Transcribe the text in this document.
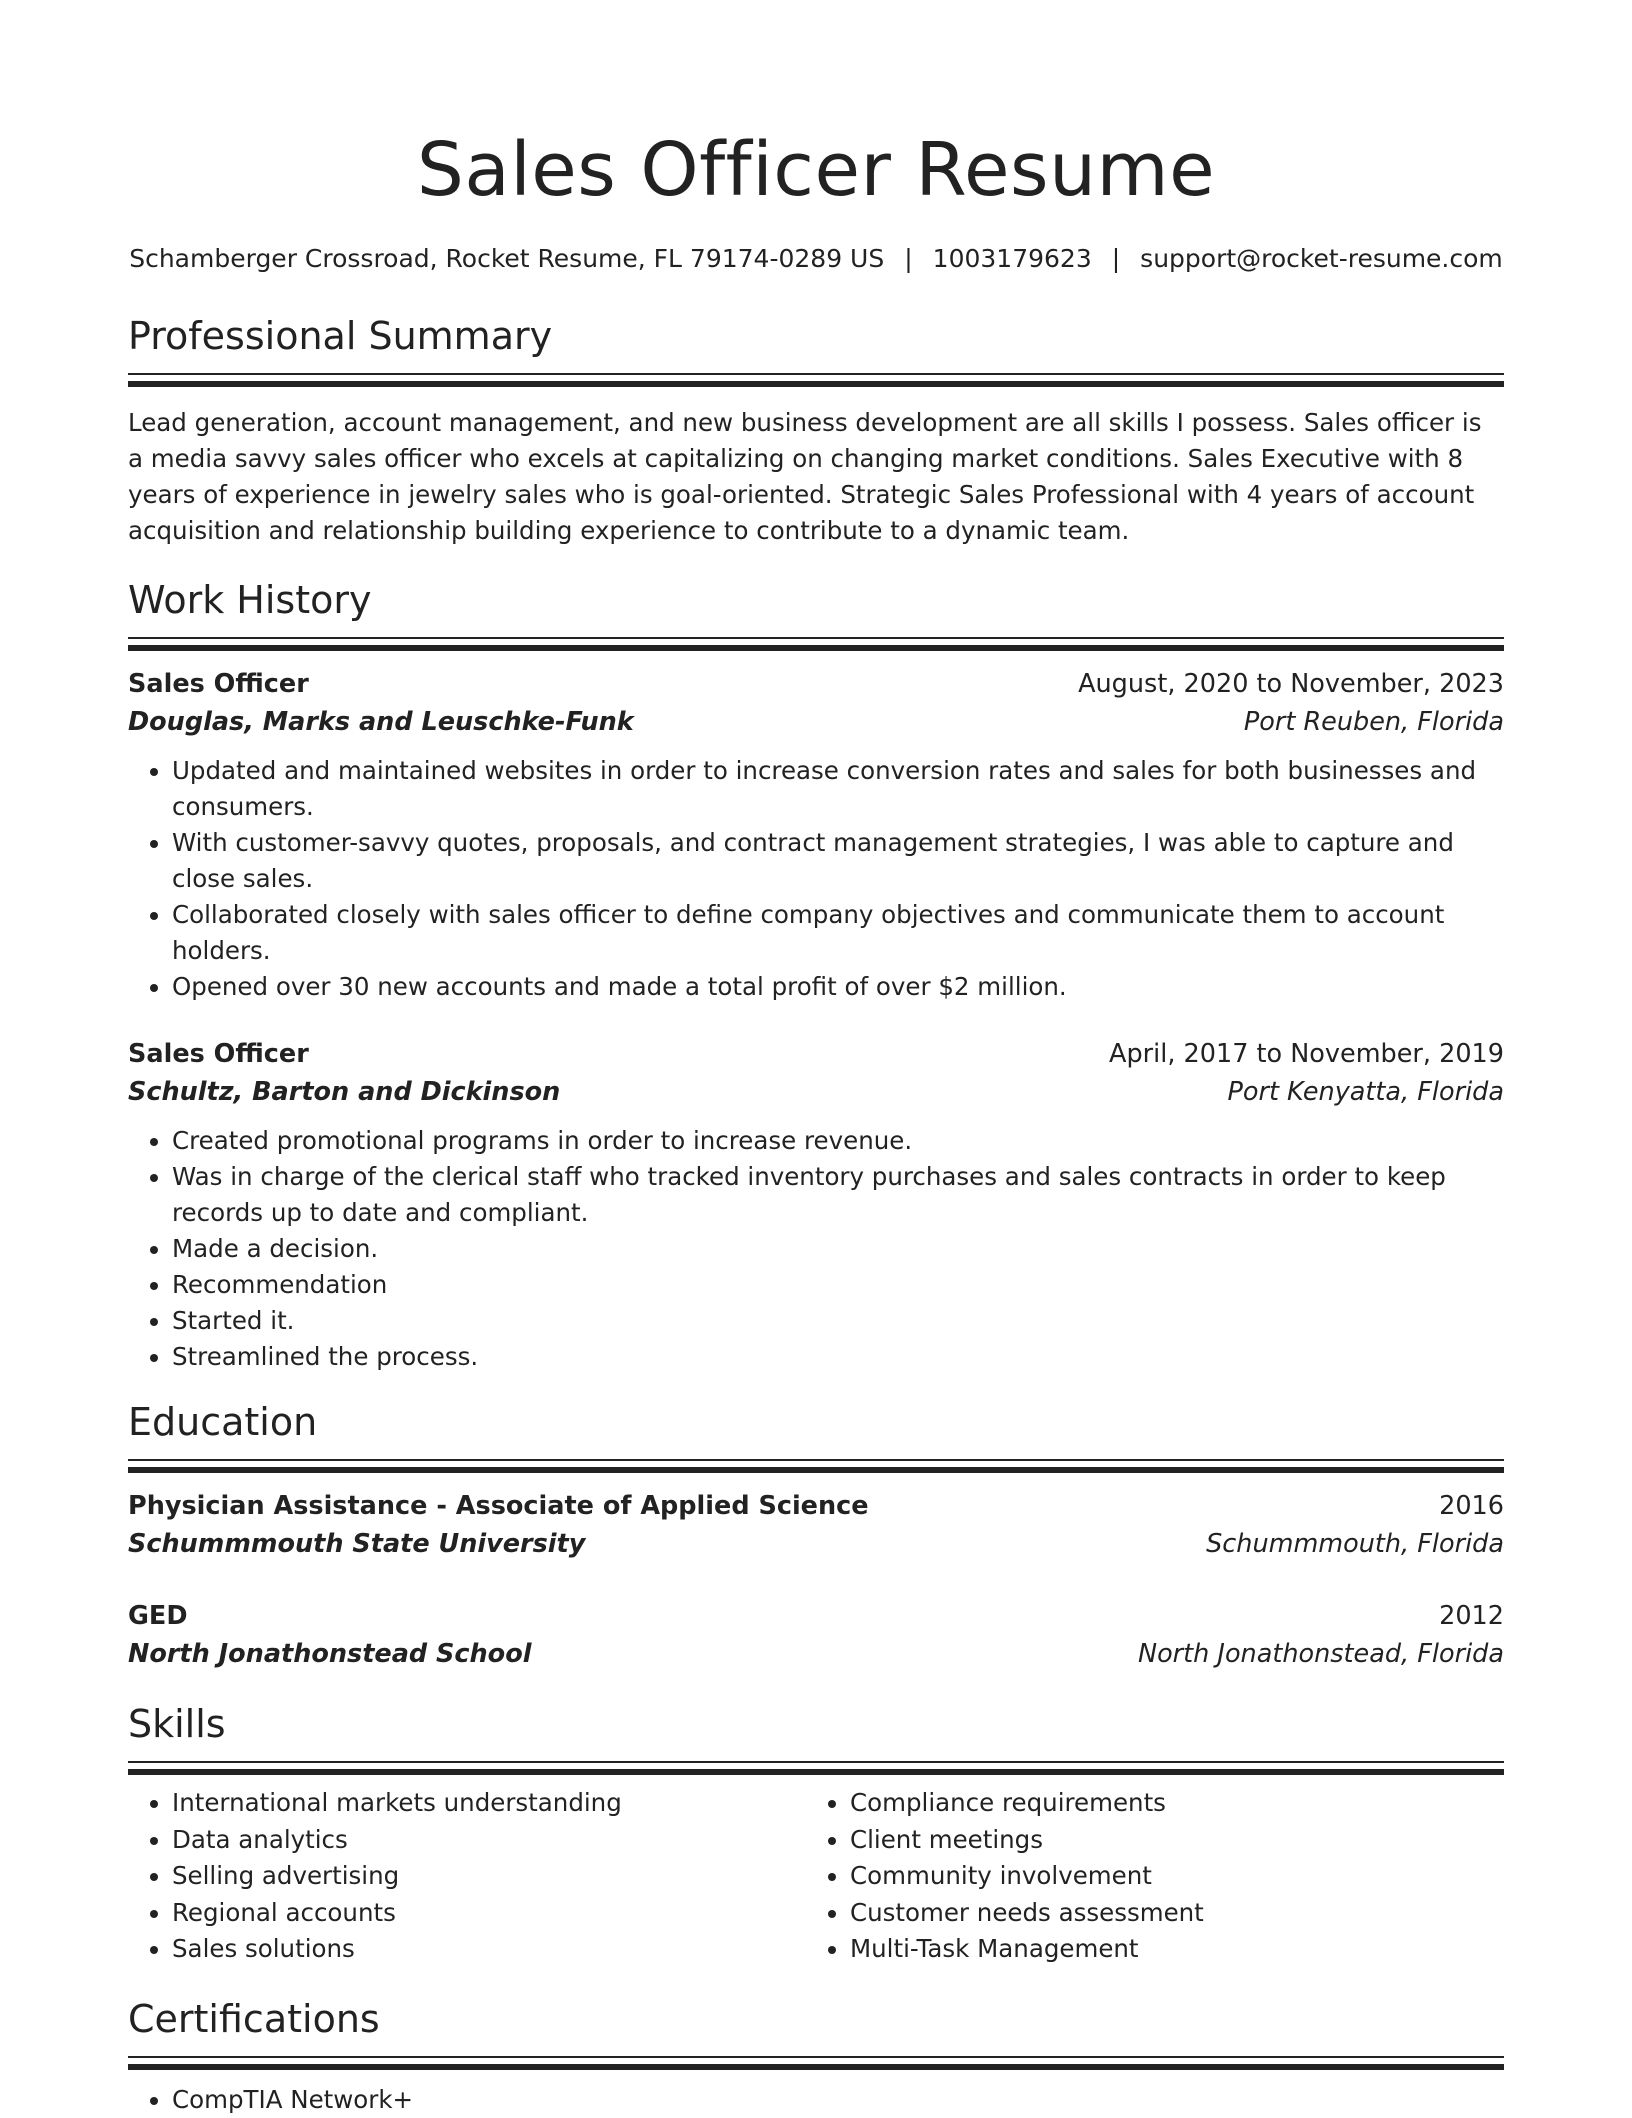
Sales Officer Resume
Schamberger Crossroad, Rocket Resume, FL 79174-0289 US | 1003179623 | support@rocket-resume.com
Professional Summary
Lead generation, account management, and new business development are all skills I possess. Sales officer is a media savvy sales officer who excels at capitalizing on changing market conditions. Sales Executive with 8 years of experience in jewelry sales who is goal-oriented. Strategic Sales Professional with 4 years of account acquisition and relationship building experience to contribute to a dynamic team.
Work History
Sales Officer	August, 2020 to November, 2023
Douglas, Marks and Leuschke-Funk	Port Reuben, Florida
• Updated and maintained websites in order to increase conversion rates and sales for both businesses and consumers.
• With customer-savvy quotes, proposals, and contract management strategies, I was able to capture and close sales.
• Collaborated closely with sales officer to define company objectives and communicate them to account holders.
• Opened over 30 new accounts and made a total profit of over $2 million.
Sales Officer	April, 2017 to November, 2019
Schultz, Barton and Dickinson	Port Kenyatta, Florida
• Created promotional programs in order to increase revenue.
• Was in charge of the clerical staff who tracked inventory purchases and sales contracts in order to keep records up to date and compliant.
• Made a decision.
• Recommendation
• Started it.
• Streamlined the process.
Education
Physician Assistance - Associate of Applied Science	2016
Schummmouth State University	Schummmouth, Florida
GED	2012
North Jonathonstead School	North Jonathonstead, Florida
Skills
• International markets understanding
• Data analytics
• Selling advertising
• Regional accounts
• Sales solutions
• Compliance requirements
• Client meetings
• Community involvement
• Customer needs assessment
• Multi-Task Management
Certifications
• CompTIA Network+
